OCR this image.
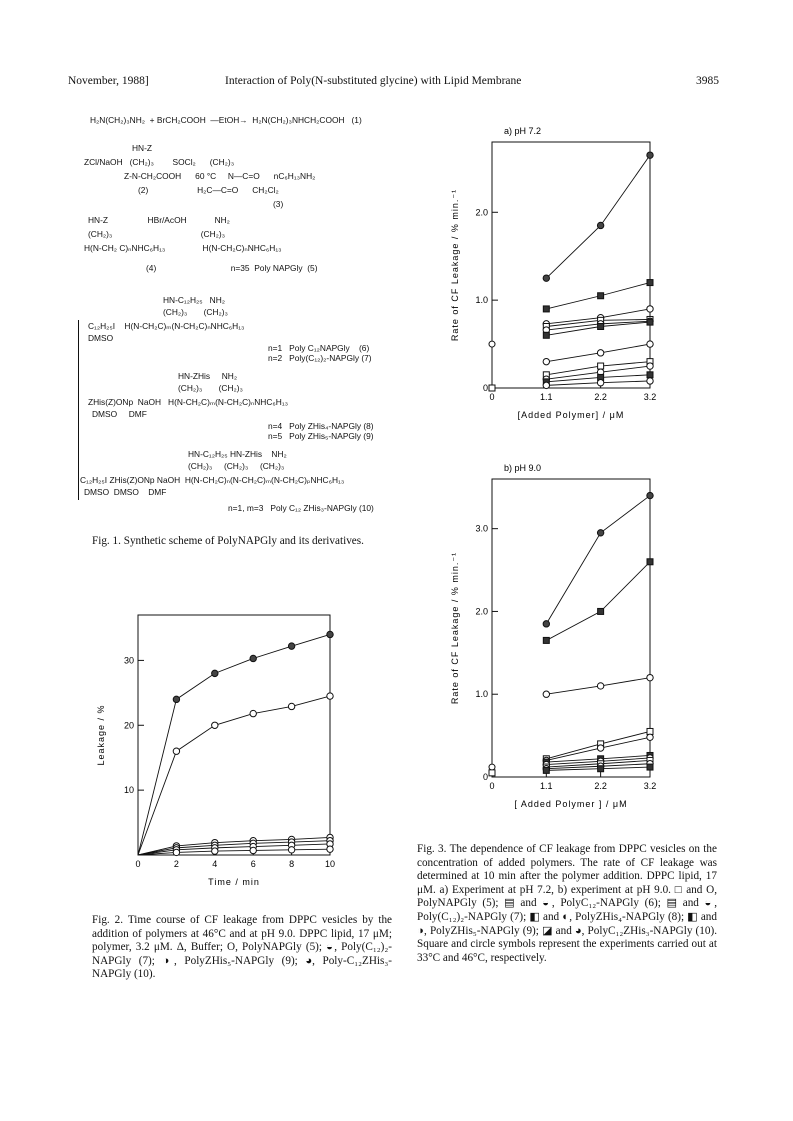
November, 1988]	Interaction of Poly(N-substituted glycine) with Lipid Membrane	3985
H₂N(CH₂)₃NH₂  + BrCH₂COOH  —EtOH→  H₂N(CH₂)₃NHCH₂COOH   (1)
HN-Z
ZCl/NaOH   (CH₂)₃        SOCl₂      (CH₂)₃
Z-N-CH₂COOH      60 °C     N—C=O      nC₆H₁₃NH₂
(2)                     H₂C—C=O      CH₂Cl₂
(3)
HN-Z                 HBr/AcOH            NH₂
(CH₂)₃                                      (CH₂)₃
H(N-CH₂ C)ₙNHC₆H₁₃                H(N-CH₂C)ₙNHC₆H₁₃
(4)                                n=35  Poly NAPGly  (5)
HN-C₁₂H₂₅   NH₂
(CH₂)₃       (CH₂)₃
C₁₂H₂₅I    H(N-CH₂C)ₘ(N-CH₂C)ₙNHC₆H₁₃
DMSO
n=1   Poly C₁₂NAPGly    (6)
n=2   Poly(C₁₂)₂-NAPGly (7)
HN-ZHis     NH₂
(CH₂)₃       (CH₂)₃
ZHis(Z)ONp  NaOH   H(N-CH₂C)ₘ(N-CH₂C)ₙNHC₆H₁₃
DMSO     DMF
n=4   Poly ZHis₄-NAPGly (8)
n=5   Poly ZHis₅-NAPGly (9)
HN-C₁₂H₂₅ HN-ZHis    NH₂
(CH₂)₃     (CH₂)₃     (CH₂)₃
C₁₂H₂₅I ZHis(Z)ONp NaOH  H(N-CH₂C)ₙ(N-CH₂C)ₘ(N-CH₂C)ₚNHC₆H₁₃
DMSO  DMSO    DMF
n=1, m=3   Poly C₁₂ ZHis₃-NAPGly (10)
Fig. 1. Synthetic scheme of PolyNAPGly and its derivatives.
0	2	4	6	8	10
10
20
30
Time / min
Leakage / %
Fig. 2. Time course of CF leakage from DPPC vesicles by the addition of polymers at 46°C and at pH 9.0. DPPC lipid, 17 μM; polymer, 3.2 μM. Δ, Buffer; O, PolyNAPGly (5); ◒, Poly(C₁₂)₂-NAPGly (7); ◑, PolyZHis₅-NAPGly (9); ◕, Poly-C₁₂ZHis₃-NAPGly (10).
a) pH 7.2
0	1.1	2.2	3.2
0
1.0
2.0
[Added Polymer] / μM
Rate of CF Leakage / % min.⁻¹
b) pH 9.0
0	1.1	2.2	3.2
0
1.0
2.0
3.0
[ Added Polymer ] / μM
Rate of CF Leakage / % min.⁻¹
Fig. 3. The dependence of CF leakage from DPPC vesicles on the concentration of added polymers. The rate of CF leakage was determined at 10 min after the polymer addition. DPPC lipid, 17 μM. a) Experiment at pH 7.2, b) experiment at pH 9.0. □ and O, PolyNAPGly (5); ▤ and ◒, PolyC₁₂-NAPGly (6); ▤ and ◒, Poly(C₁₂)₂-NAPGly (7); ◧ and ◐, PolyZHis₄-NAPGly (8); ◧ and ◑, PolyZHis₅-NAPGly (9); ◪ and ◕, PolyC₁₂ZHis₃-NAPGly (10). Square and circle symbols represent the experiments carried out at 33°C and 46°C, respectively.
